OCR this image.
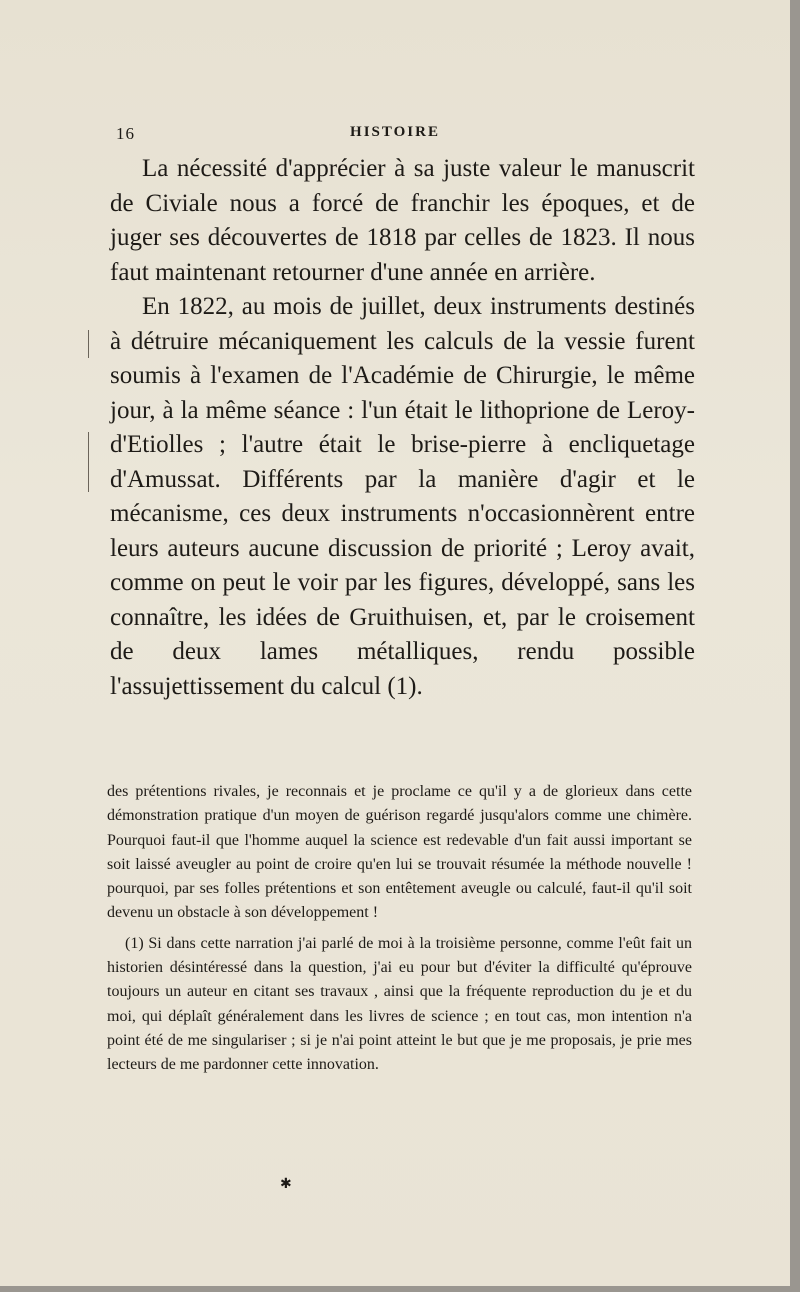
16	HISTOIRE

La nécessité d'apprécier à sa juste valeur le manuscrit de Civiale nous a forcé de franchir les époques, et de juger ses découvertes de 1818 par celles de 1823. Il nous faut maintenant retourner d'une année en arrière.

En 1822, au mois de juillet, deux instruments destinés à détruire mécaniquement les calculs de la vessie furent soumis à l'examen de l'Académie de Chirurgie, le même jour, à la même séance : l'un était le lithoprione de Leroy-d'Etiolles ; l'autre était le brise-pierre à encliquetage d'Amussat. Différents par la manière d'agir et le mécanisme, ces deux instruments n'occasionnèrent entre leurs auteurs aucune discussion de priorité ; Leroy avait, comme on peut le voir par les figures, développé, sans les connaître, les idées de Gruithuisen, et, par le croisement de deux lames métalliques, rendu possible l'assujettissement du calcul (1).

des prétentions rivales, je reconnais et je proclame ce qu'il y a de glorieux dans cette démonstration pratique d'un moyen de guérison regardé jusqu'alors comme une chimère. Pourquoi faut-il que l'homme auquel la science est redevable d'un fait aussi important se soit laissé aveugler au point de croire qu'en lui se trouvait résumée la méthode nouvelle ! pourquoi, par ses folles prétentions et son entêtement aveugle ou calculé, faut-il qu'il soit devenu un obstacle à son développement !

(1) Si dans cette narration j'ai parlé de moi à la troisième personne, comme l'eût fait un historien désintéressé dans la question, j'ai eu pour but d'éviter la difficulté qu'éprouve toujours un auteur en citant ses travaux , ainsi que la fréquente reproduction du je et du moi, qui déplaît généralement dans les livres de science ; en tout cas, mon intention n'a point été de me singulariser ; si je n'ai point atteint le but que je me proposais, je prie mes lecteurs de me pardonner cette innovation.

✱
